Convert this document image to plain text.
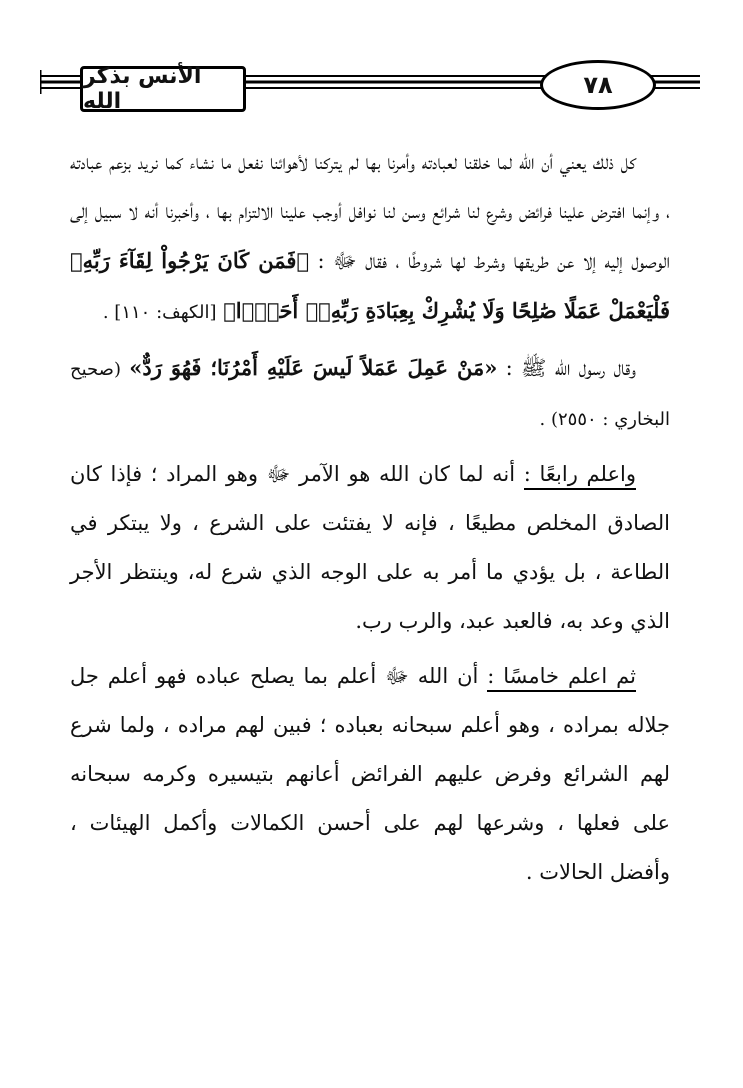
الأنس بذكر الله
٧٨

كل ذلك يعني أن الله لما خلقنا لعبادته وأمرنا بها لم يتركنا لأهوائنا نفعل ما نشاء كما نريد بزعم عبادته ، وإنما افترض علينا فرائض وشرع لنا شرائع وسن لنا نوافل أوجب علينا الالتزام بها ، وأخبرنا أنه لا سبيل إلى الوصول إليه إلا عن طريقها وشرط لها شروطًا ، فقال ﷻ : ﴿فَمَن كَانَ يَرْجُواْ لِقَآءَ رَبِّهِۦ فَلْيَعْمَلْ عَمَلًا صَٰلِحًا وَلَا يُشْرِكْ بِعِبَادَةِ رَبِّهِۦٓ أَحَدًۢا﴾ [الكهف: ١١٠] .

وقال رسول الله ﷺ : «مَنْ عَمِلَ عَمَلاً لَيسَ عَلَيْهِ أَمْرُنَا؛ فَهُوَ رَدٌّ» (صحيح البخاري : ٢٥٥٠) .

واعلم رابعًا : أنه لما كان الله هو الآمر ﷻ وهو المراد ؛ فإذا كان الصادق المخلص مطيعًا ، فإنه لا يفتئت على الشرع ، ولا يبتكر في الطاعة ، بل يؤدي ما أمر به على الوجه الذي شرع له، وينتظر الأجر الذي وعد به، فالعبد عبد، والرب رب.

ثم اعلم خامسًا : أن الله ﷻ أعلم بما يصلح عباده فهو أعلم جل جلاله بمراده ، وهو أعلم سبحانه بعباده ؛ فبين لهم مراده ، ولما شرع لهم الشرائع وفرض عليهم الفرائض أعانهم بتيسيره وكرمه سبحانه على فعلها ، وشرعها لهم على أحسن الكمالات وأكمل الهيئات ، وأفضل الحالات .
